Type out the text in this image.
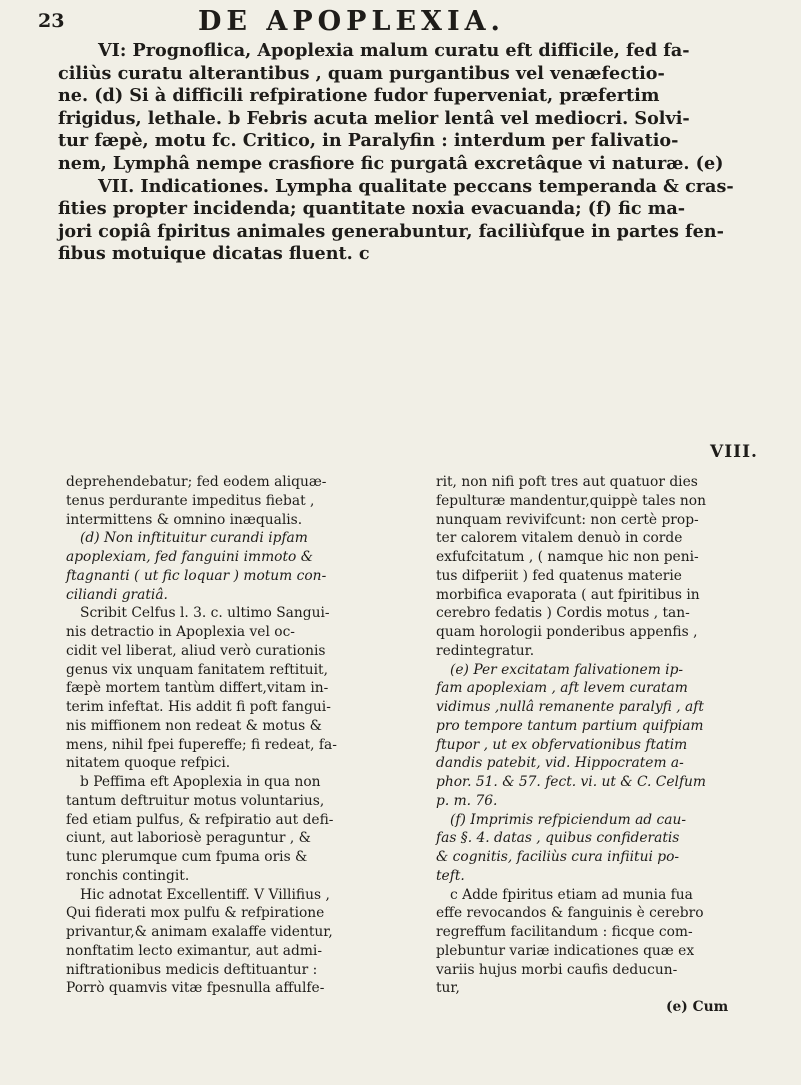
23	DE APOPLEXIA.

VI: Prognoflica, Apoplexia malum curatu eft difficile, fed fa-

ciliùs curatu alterantibus , quam purgantibus vel venæfectio-

ne. (d) Si à difficili refpiratione fudor fuperveniat, præfertim

frigidus, lethale. b Febris acuta melior lentâ vel mediocri. Solvi-

tur fæpè, motu fc. Critico, in Paralyfin : interdum per falivatio-

nem, Lymphâ nempe crasfiore fic purgatâ excretâque vi naturæ. (e)

VII. Indicationes. Lympha qualitate peccans temperanda & cras-

fities propter incidenda; quantitate noxia evacuanda; (f) fic ma-

jori copiâ fpiritus animales generabuntur, faciliùfque in partes fen-

fibus motuique dicatas fluent. c

VIII.

deprehendebatur; fed eodem aliquæ-

tenus perdurante impeditus fiebat ,

intermittens & omnino inæqualis.

(d) Non inftituitur curandi ipfam

apoplexiam, fed fanguini immoto &

ftagnanti ( ut fic loquar ) motum con-

ciliandi gratiâ.

Scribit Celfus l. 3. c. ultimo Sangui-

nis detractio in Apoplexia vel oc-

cidit vel liberat, aliud verò curationis

genus vix unquam fanitatem reftituit,

fæpè mortem tantùm differt,vitam in-

terim infeftat. His addit fi poft fangui-

nis miffionem non redeat & motus &

mens, nihil fpei fupereffe; fi redeat, fa-

nitatem quoque refpici.

b Peffima eft Apoplexia in qua non

tantum deftruitur motus voluntarius,

fed etiam pulfus, & refpiratio aut defi-

ciunt, aut laboriosè peraguntur , &

tunc plerumque cum fpuma oris &

ronchis contingit.

Hic adnotat Excellentiff. V Villifius ,

Qui fiderati mox pulfu & refpiratione

privantur,& animam exalaffe videntur,

nonftatim lecto eximantur, aut admi-

niftrationibus medicis deftituantur :

Porrò quamvis vitæ fpesnulla affulfe-

rit, non nifi poft tres aut quatuor dies

fepulturæ mandentur,quippè tales non

nunquam revivifcunt: non certè prop-

ter calorem vitalem denuò in corde

exfufcitatum , ( namque hic non peni-

tus difperiit ) fed quatenus materie

morbifica evaporata ( aut fpiritibus in

cerebro fedatis ) Cordis motus , tan-

quam horologii ponderibus appenfis ,

redintegratur.

(e) Per excitatam falivationem ip-

fam apoplexiam , aft levem curatam

vidimus ,nullâ remanente paralyfi , aft

pro tempore tantum partium quifpiam

ftupor , ut ex obfervationibus ftatim

dandis patebit, vid. Hippocratem a-

phor. 51. & 57. fect. vi. ut & C. Celfum

p. m. 76.

(f) Imprimis refpiciendum ad cau-

fas §. 4. datas , quibus confideratis

& cognitis, faciliùs cura infiitui po-

teft.

c Adde fpiritus etiam ad munia fua

effe revocandos & fanguinis è cerebro

regreffum facilitandum : ficque com-

plebuntur variæ indicationes quæ ex

variis hujus morbi caufis deducun-

tur,

(e) Cum
